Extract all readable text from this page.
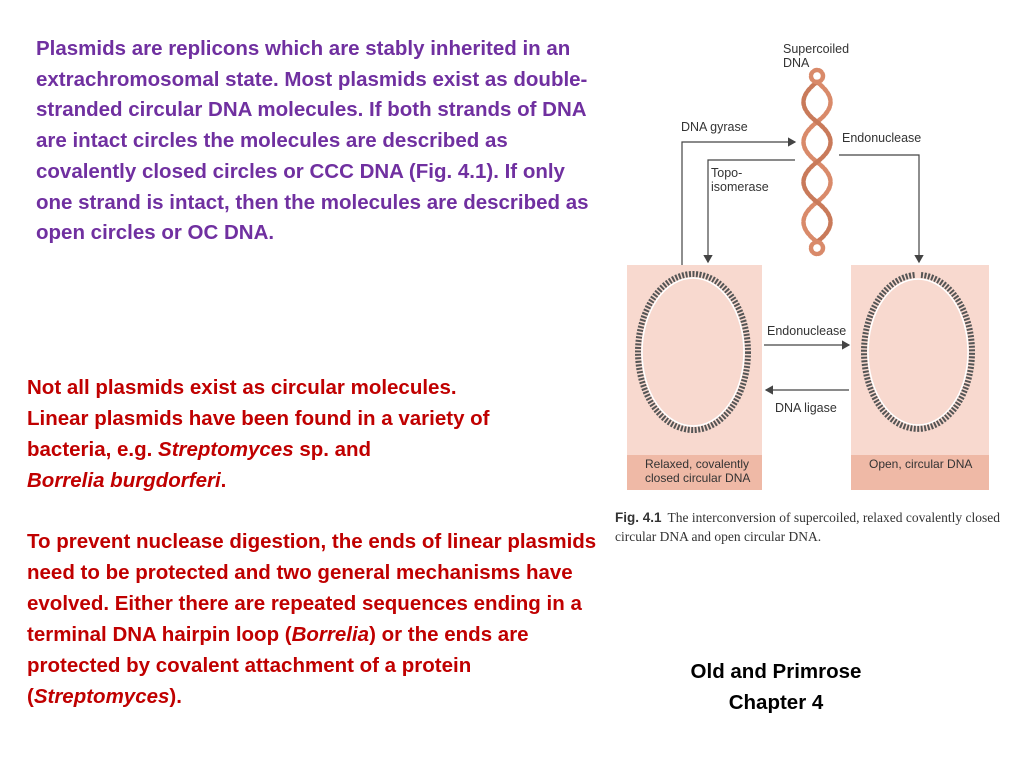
Plasmids are replicons which are stably inherited in an extrachromosomal state. Most plasmids exist as double-stranded circular DNA molecules. If both strands of DNA are intact circles the molecules are described as covalently closed circles or CCC DNA (Fig. 4.1). If only one strand is intact, then the molecules are described as open circles or OC DNA.
Not all plasmids exist as circular molecules.
Linear plasmids have been found in a variety of
bacteria, e.g. Streptomyces sp. and
Borrelia burgdorferi.
To prevent nuclease digestion, the ends of linear plasmids need to be protected and two general mechanisms have evolved. Either there are repeated sequences ending in a terminal DNA hairpin loop (Borrelia) or the ends are protected by covalent attachment of a protein (Streptomyces).
Supercoiled
DNA
DNA gyrase
Topo-
isomerase
Endonuclease
Endonuclease
DNA ligase
Relaxed, covalently
closed circular DNA
Open, circular DNA
Fig. 4.1 The interconversion of supercoiled, relaxed covalently closed circular DNA and open circular DNA.
Old and Primrose
Chapter 4
